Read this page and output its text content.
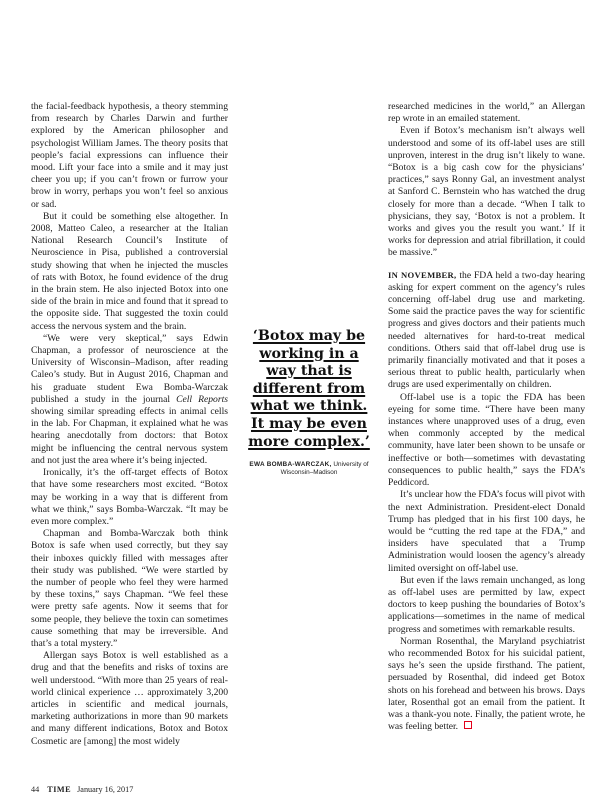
the facial-feedback hypothesis, a theory stemming from research by Charles Darwin and further explored by the American philosopher and psychologist William James. The theory posits that people’s facial expressions can influence their mood. Lift your face into a smile and it may just cheer you up; if you can’t frown or furrow your brow in worry, perhaps you won’t feel so anxious or sad.

But it could be something else altogether. In 2008, Matteo Caleo, a researcher at the Italian National Research Council’s Institute of Neuroscience in Pisa, published a controversial study showing that when he injected the muscles of rats with Botox, he found evidence of the drug in the brain stem. He also injected Botox into one side of the brain in mice and found that it spread to the opposite side. That suggested the toxin could access the nervous system and the brain.

“We were very skeptical,” says Edwin Chapman, a professor of neuroscience at the University of Wisconsin–Madison, after reading Caleo’s study. But in August 2016, Chapman and his graduate student Ewa Bomba-Warczak published a study in the journal Cell Reports showing similar spreading effects in animal cells in the lab. For Chapman, it explained what he was hearing anecdotally from doctors: that Botox might be influencing the central nervous system and not just the area where it’s being injected.

Ironically, it’s the off-target effects of Botox that have some researchers most excited. “Botox may be working in a way that is different from what we think,” says Bomba-Warczak. “It may be even more complex.”

Chapman and Bomba-Warczak both think Botox is safe when used correctly, but they say their inboxes quickly filled with messages after their study was published. “We were startled by the number of people who feel they were harmed by these toxins,” says Chapman. “We feel these were pretty safe agents. Now it seems that for some people, they believe the toxin can sometimes cause something that may be irreversible. And that’s a total mystery.”

Allergan says Botox is well established as a drug and that the benefits and risks of toxins are well understood. “With more than 25 years of real-world clinical experience … approximately 3,200 articles in scientific and medical journals, marketing authorizations in more than 90 markets and many different indications, Botox and Botox Cosmetic are [among] the most widely

‘Botox may be working in a way that is different from what we think. It may be even more complex.’

EWA BOMBA-WARCZAK, University of Wisconsin–Madison

researched medicines in the world,” an Allergan rep wrote in an emailed statement.

Even if Botox’s mechanism isn’t always well understood and some of its off-label uses are still unproven, interest in the drug isn’t likely to wane. “Botox is a big cash cow for the physicians’ practices,” says Ronny Gal, an investment analyst at Sanford C. Bernstein who has watched the drug closely for more than a decade. “When I talk to physicians, they say, ‘Botox is not a problem. It works and gives you the result you want.’ If it works for depression and atrial fibrillation, it could be massive.”

IN NOVEMBER, the FDA held a two-day hearing asking for expert comment on the agency’s rules concerning off-label drug use and marketing. Some said the practice paves the way for scientific progress and gives doctors and their patients much needed alternatives for hard-to-treat medical conditions. Others said that off-label drug use is primarily financially motivated and that it poses a serious threat to public health, particularly when drugs are used experimentally on children.

Off-label use is a topic the FDA has been eyeing for some time. “There have been many instances where unapproved uses of a drug, even when commonly accepted by the medical community, have later been shown to be unsafe or ineffective or both—sometimes with devastating consequences to public health,” says the FDA’s Peddicord.

It’s unclear how the FDA’s focus will pivot with the next Administration. President-elect Donald Trump has pledged that in his first 100 days, he would be “cutting the red tape at the FDA,” and insiders have speculated that a Trump Administration would loosen the agency’s already limited oversight on off-label use.

But even if the laws remain unchanged, as long as off-label uses are permitted by law, expect doctors to keep pushing the boundaries of Botox’s applications—sometimes in the name of medical progress and sometimes with remarkable results.

Norman Rosenthal, the Maryland psychiatrist who recommended Botox for his suicidal patient, says he’s seen the upside firsthand. The patient, persuaded by Rosenthal, did indeed get Botox shots on his forehead and between his brows. Days later, Rosenthal got an email from the patient. It was a thank-you note. Finally, the patient wrote, he was feeling better.

44 TIME January 16, 2017
